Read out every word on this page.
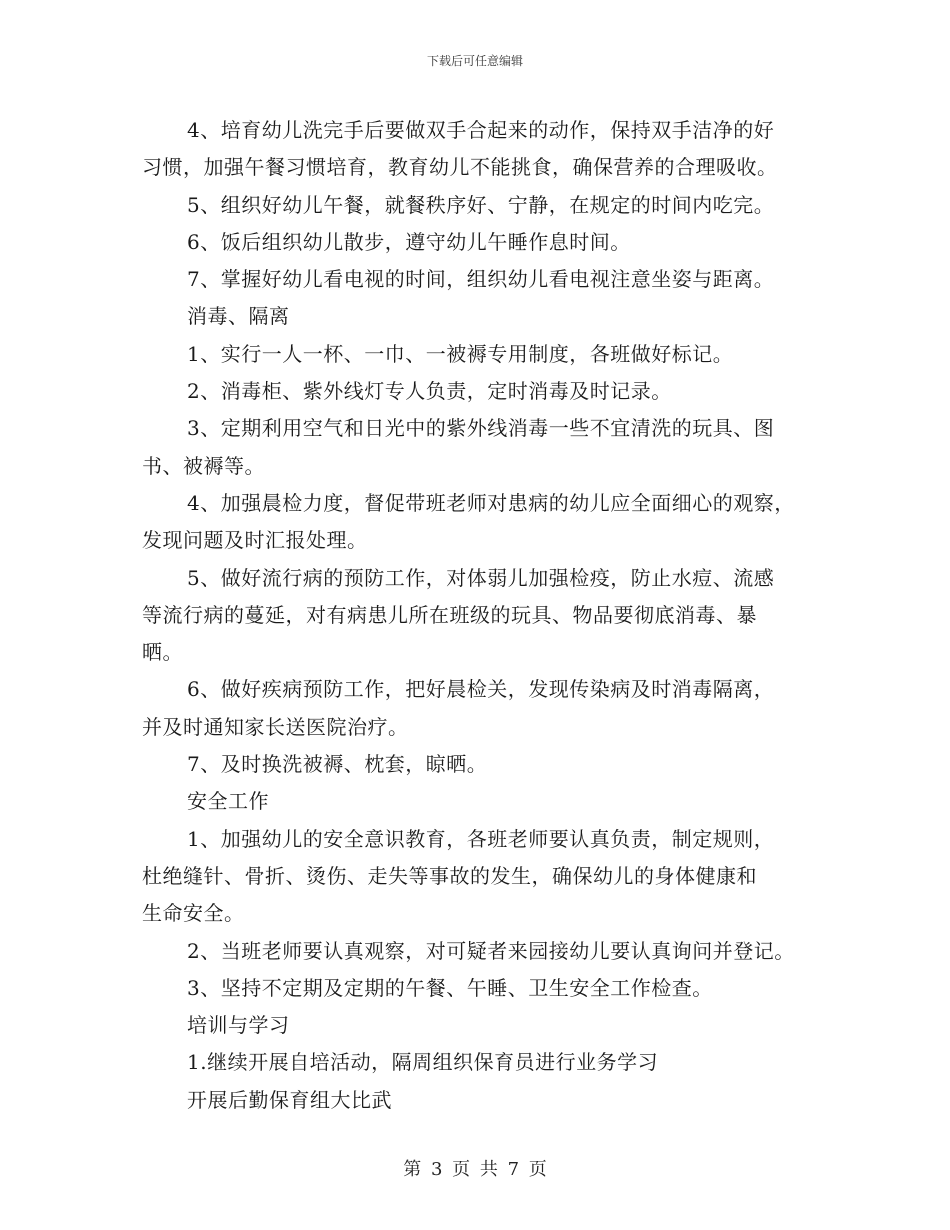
下载后可任意编辑
4、培育幼儿洗完手后要做双手合起来的动作，保持双手洁净的好
习惯，加强午餐习惯培育，教育幼儿不能挑食，确保营养的合理吸收。
5、组织好幼儿午餐，就餐秩序好、宁静，在规定的时间内吃完。
6、饭后组织幼儿散步，遵守幼儿午睡作息时间。
7、掌握好幼儿看电视的时间，组织幼儿看电视注意坐姿与距离。
消毒、隔离
1、实行一人一杯、一巾、一被褥专用制度，各班做好标记。
2、消毒柜、紫外线灯专人负责，定时消毒及时记录。
3、定期利用空气和日光中的紫外线消毒一些不宜清洗的玩具、图
书、被褥等。
4、加强晨检力度，督促带班老师对患病的幼儿应全面细心的观察，
发现问题及时汇报处理。
5、做好流行病的预防工作，对体弱儿加强检疫，防止水痘、流感
等流行病的蔓延，对有病患儿所在班级的玩具、物品要彻底消毒、暴
晒。
6、做好疾病预防工作，把好晨检关，发现传染病及时消毒隔离，
并及时通知家长送医院治疗。
7、及时换洗被褥、枕套，晾晒。
安全工作
1、加强幼儿的安全意识教育，各班老师要认真负责，制定规则，
杜绝缝针、骨折、烫伤、走失等事故的发生，确保幼儿的身体健康和
生命安全。
2、当班老师要认真观察，对可疑者来园接幼儿要认真询问并登记。
3、坚持不定期及定期的午餐、午睡、卫生安全工作检查。
培训与学习
1.继续开展自培活动，隔周组织保育员进行业务学习
开展后勤保育组大比武
第 3 页 共 7 页
